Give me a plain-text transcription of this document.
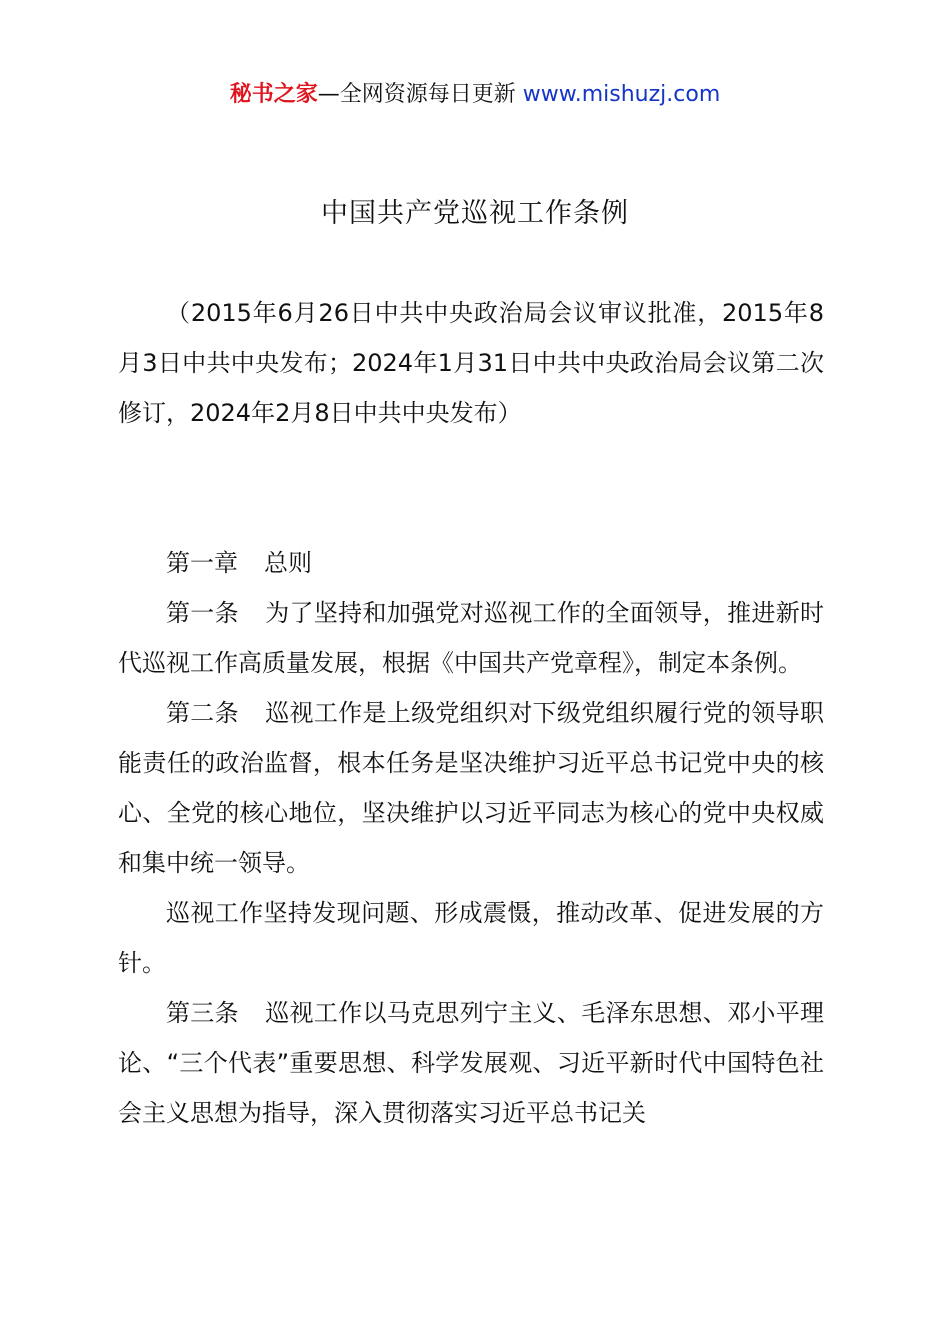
秘书之家—全网资源每日更新 www.mishuzj.com
中国共产党巡视工作条例
（2015年6月26日中共中央政治局会议审议批准，2015年8月3日中共中央发布；2024年1月31日中共中央政治局会议第二次修订，2024年2月8日中共中央发布）
第一章 总则

第一条 为了坚持和加强党对巡视工作的全面领导，推进新时代巡视工作高质量发展，根据《中国共产党章程》，制定本条例。

第二条 巡视工作是上级党组织对下级党组织履行党的领导职能责任的政治监督，根本任务是坚决维护习近平总书记党中央的核心、全党的核心地位，坚决维护以习近平同志为核心的党中央权威和集中统一领导。

巡视工作坚持发现问题、形成震慑，推动改革、促进发展的方针。

第三条 巡视工作以马克思列宁主义、毛泽东思想、邓小平理论、“三个代表”重要思想、科学发展观、习近平新时代中国特色社会主义思想为指导，深入贯彻落实习近平总书记关
